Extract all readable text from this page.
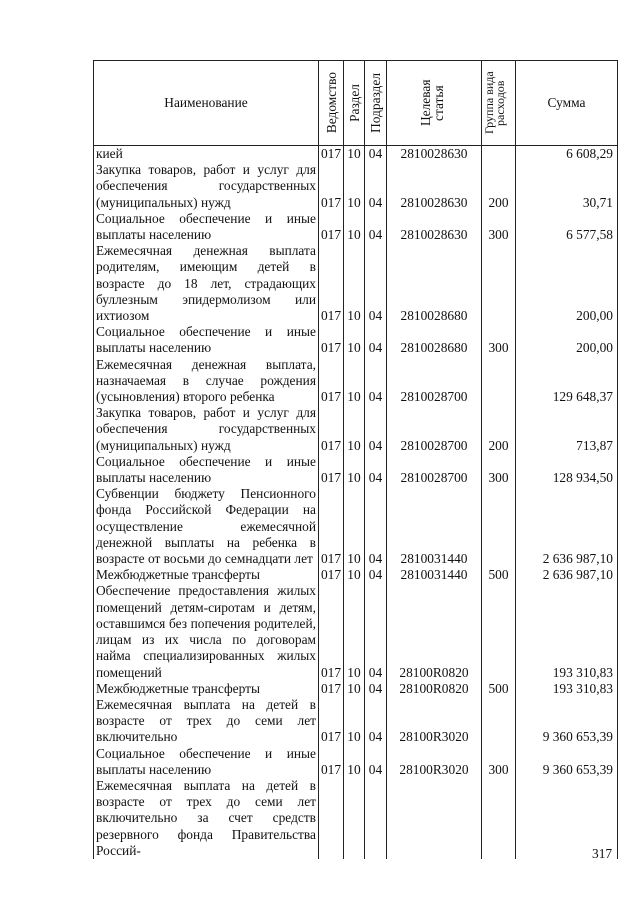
Наименование	Ведомство	Раздел	Подраздел	Целевая статья	Группа вида расходов	Сумма
кией	017	10	04	2810028630		6 608,29
Закупка товаров, работ и услуг для обеспечения государственных (муниципальных) нужд	017	10	04	2810028630	200	30,71
Социальное обеспечение и иные выплаты населению	017	10	04	2810028630	300	6 577,58
Ежемесячная денежная выплата родителям, имеющим детей в возрасте до 18 лет, страдающих буллезным эпидермолизом или ихтиозом	017	10	04	2810028680		200,00
Социальное обеспечение и иные выплаты населению	017	10	04	2810028680	300	200,00
Ежемесячная денежная выплата, назначаемая в случае рождения (усыновления) второго ребенка	017	10	04	2810028700		129 648,37
Закупка товаров, работ и услуг для обеспечения государственных (муниципальных) нужд	017	10	04	2810028700	200	713,87
Социальное обеспечение и иные выплаты населению	017	10	04	2810028700	300	128 934,50
Субвенции бюджету Пенсионного фонда Российской Федерации на осуществление ежемесячной денежной выплаты на ребенка в возрасте от восьми до семнадцати лет	017	10	04	2810031440		2 636 987,10
Межбюджетные трансферты	017	10	04	2810031440	500	2 636 987,10
Обеспечение предоставления жилых помещений детям-сиротам и детям, оставшимся без попечения родителей, лицам из их числа по договорам найма специализированных жилых помещений	017	10	04	28100R0820		193 310,83
Межбюджетные трансферты	017	10	04	28100R0820	500	193 310,83
Ежемесячная выплата на детей в возрасте от трех до семи лет включительно	017	10	04	28100R3020		9 360 653,39
Социальное обеспечение и иные выплаты населению	017	10	04	28100R3020	300	9 360 653,39
Ежемесячная выплата на детей в возрасте от трех до семи лет включительно за счет средств резервного фонда Правительства Россий-							317
